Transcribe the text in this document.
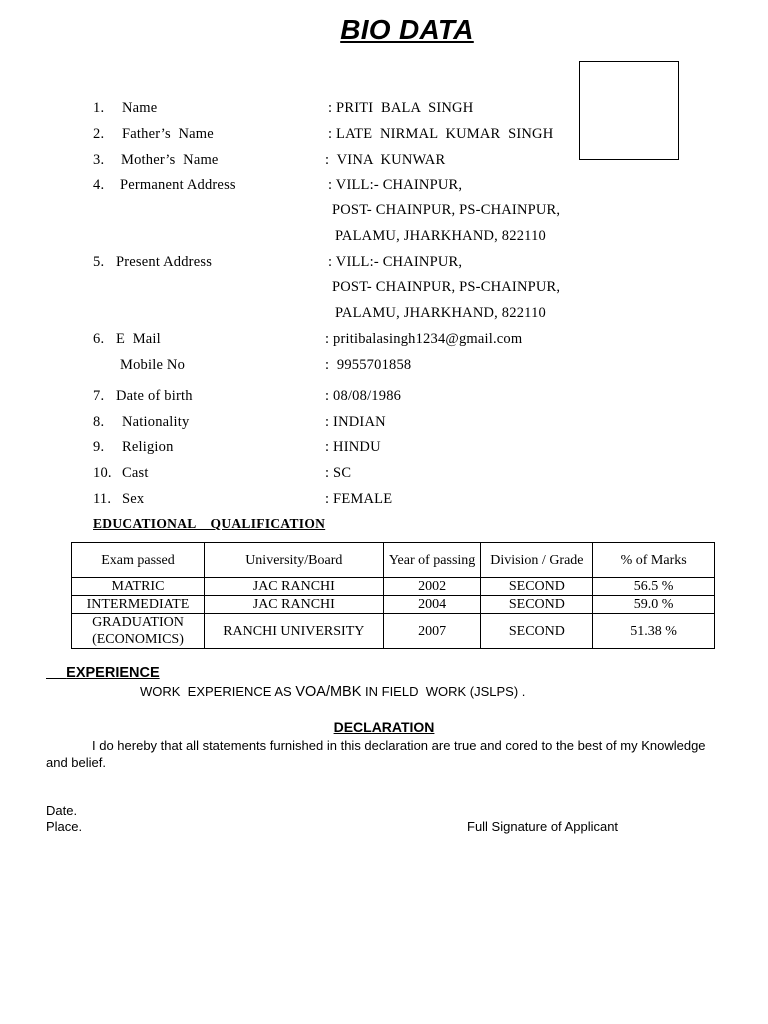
BIO DATA
1. Name	: PRITI  BALA  SINGH
2. Father’s  Name	: LATE  NIRMAL  KUMAR  SINGH
3. Mother’s  Name	:  VINA  KUNWAR
4. Permanent Address	: VILL:- CHAINPUR,
POST- CHAINPUR, PS-CHAINPUR,
PALAMU, JHARKHAND, 822110
5. Present Address	: VILL:- CHAINPUR,
POST- CHAINPUR, PS-CHAINPUR,
PALAMU, JHARKHAND, 822110
6. E  Mail	: pritibalasingh1234@gmail.com
Mobile No	:  9955701858
7. Date of birth	: 08/08/1986
8. Nationality	: INDIAN
9. Religion	: HINDU
10. Cast	: SC
11. Sex	: FEMALE
EDUCATIONAL    QUALIFICATION
Exam passed	University/Board	Year of passing	Division / Grade	% of Marks
MATRIC	JAC RANCHI	2002	SECOND	56.5 %
INTERMEDIATE	JAC RANCHI	2004	SECOND	59.0 %
GRADUATION (ECONOMICS)	RANCHI UNIVERSITY	2007	SECOND	51.38 %
EXPERIENCE
WORK  EXPERIENCE AS VOA/MBK IN FIELD  WORK (JSLPS) .
DECLARATION
I do hereby that all statements furnished in this declaration are true and cored to the best of my Knowledge and belief.
Date.
Place.	Full Signature of Applicant
